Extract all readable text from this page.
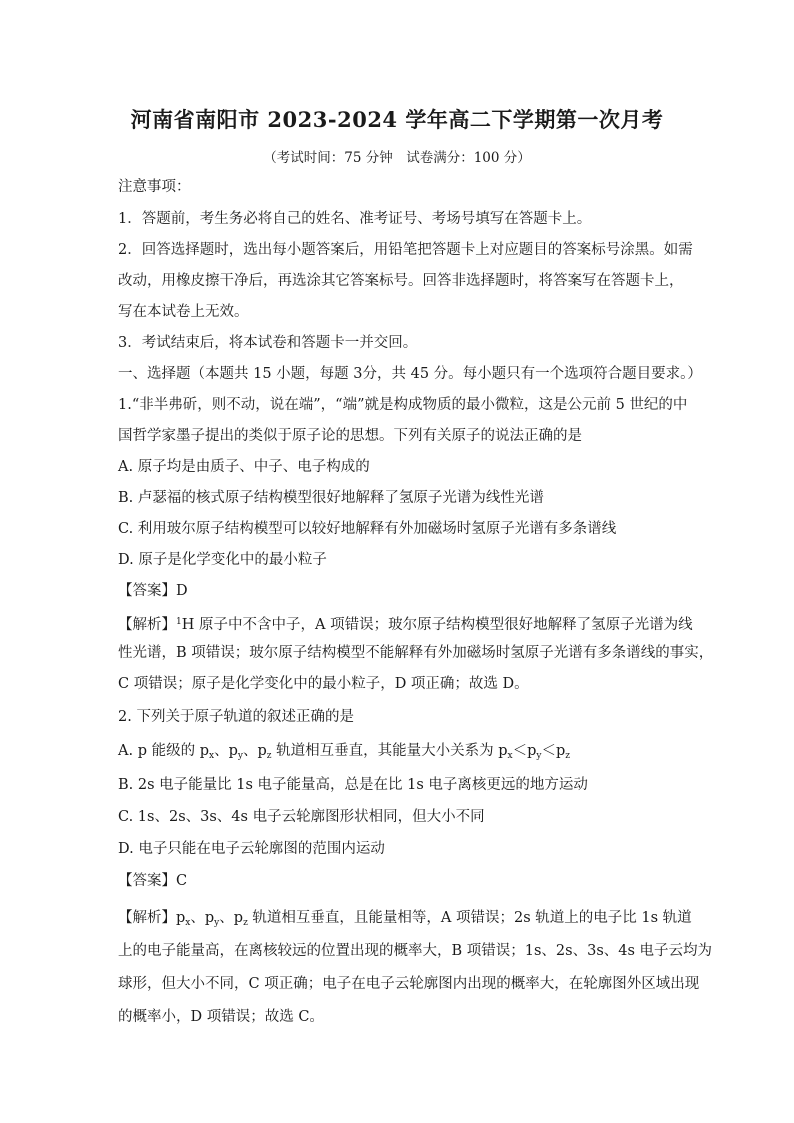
河南省南阳市 2023-2024 学年高二下学期第一次月考
（考试时间：75 分钟　试卷满分：100 分）
注意事项：
1．答题前，考生务必将自己的姓名、准考证号、考场号填写在答题卡上。
2．回答选择题时，选出每小题答案后，用铅笔把答题卡上对应题目的答案标号涂黑。如需
改动，用橡皮擦干净后，再选涂其它答案标号。回答非选择题时，将答案写在答题卡上，
写在本试卷上无效。
3．考试结束后，将本试卷和答题卡一并交回。
一、选择题（本题共 15 小题，每题 3分，共 45 分。每小题只有一个选项符合题目要求。）
1.“非半弗斫，则不动，说在端”，“端”就是构成物质的最小微粒，这是公元前 5 世纪的中
国哲学家墨子提出的类似于原子论的思想。下列有关原子的说法正确的是
A. 原子均是由质子、中子、电子构成的
B. 卢瑟福的核式原子结构模型很好地解释了氢原子光谱为线性光谱
C. 利用玻尔原子结构模型可以较好地解释有外加磁场时氢原子光谱有多条谱线
D. 原子是化学变化中的最小粒子
【答案】D
【解析】$^1$H 原子中不含中子，A 项错误；玻尔原子结构模型很好地解释了氢原子光谱为线
性光谱，B 项错误；玻尔原子结构模型不能解释有外加磁场时氢原子光谱有多条谱线的事实，
C 项错误；原子是化学变化中的最小粒子，D 项正确；故选 D。
2. 下列关于原子轨道的叙述正确的是
A. p 能级的 $p_x$、$p_y$、$p_z$ 轨道相互垂直，其能量大小关系为 $p_x<p_y<p_z$
B. 2s 电子能量比 1s 电子能量高，总是在比 1s 电子离核更远的地方运动
C. 1s、2s、3s、4s 电子云轮廓图形状相同，但大小不同
D. 电子只能在电子云轮廓图的范围内运动
【答案】C
【解析】$p_x$、$p_y$、$p_z$ 轨道相互垂直，且能量相等，A 项错误；2s 轨道上的电子比 1s 轨道
上的电子能量高，在离核较远的位置出现的概率大，B 项错误；1s、2s、3s、4s 电子云均为
球形，但大小不同，C 项正确；电子在电子云轮廓图内出现的概率大，在轮廓图外区域出现
的概率小，D 项错误；故选 C。
